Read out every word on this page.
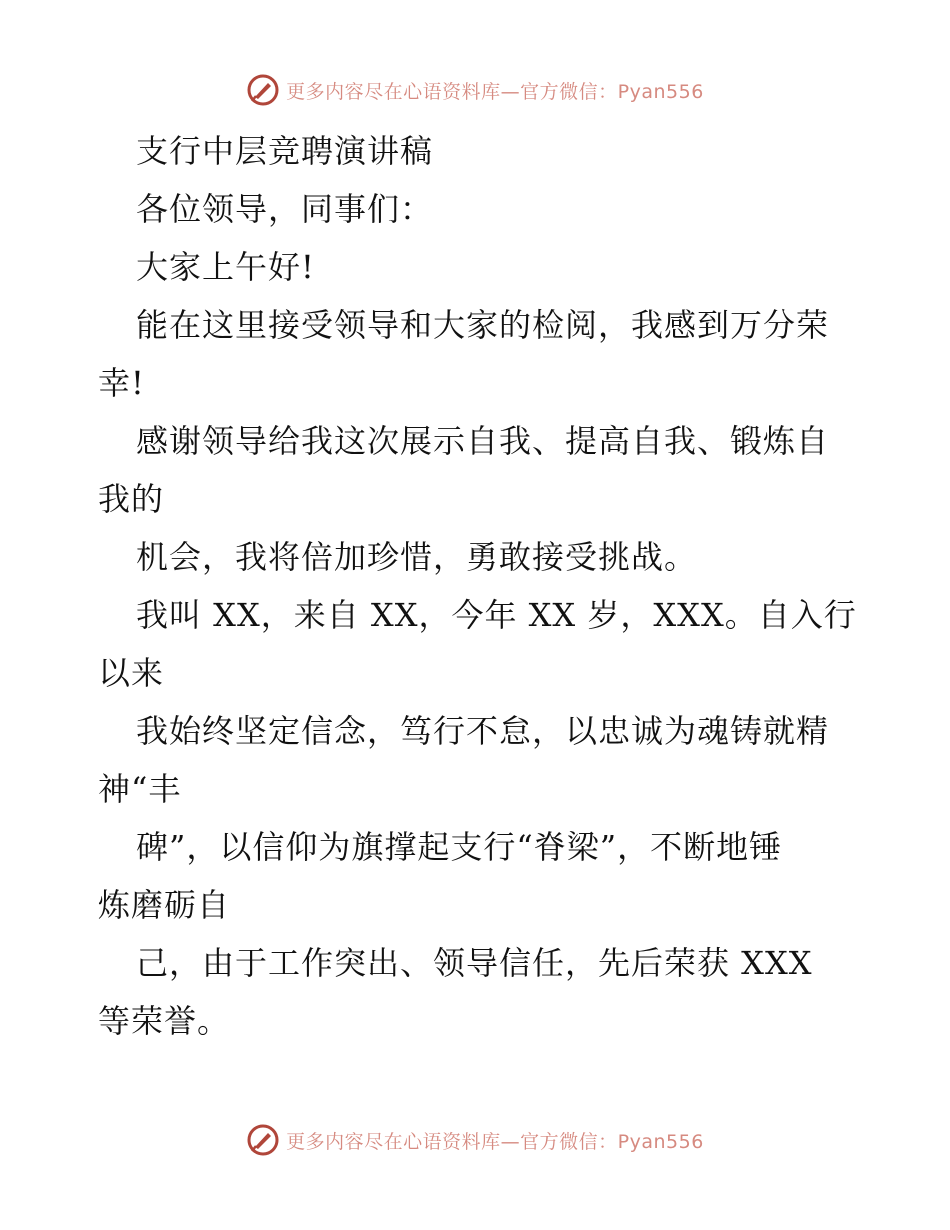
更多内容尽在心语资料库—官方微信：Pyan556
支行中层竞聘演讲稿
各位领导，同事们：
大家上午好!
能在这里接受领导和大家的检阅，我感到万分荣
幸!
感谢领导给我这次展示自我、提高自我、锻炼自
我的
机会，我将倍加珍惜，勇敢接受挑战。
我叫 XX，来自 XX，今年 XX 岁，XXX。自入行
以来
我始终坚定信念，笃行不怠，以忠诚为魂铸就精
神“丰
碑”，以信仰为旗撑起支行“脊梁”，不断地锤
炼磨砺自
己，由于工作突出、领导信任，先后荣获 XXX
等荣誉。
更多内容尽在心语资料库—官方微信：Pyan556
